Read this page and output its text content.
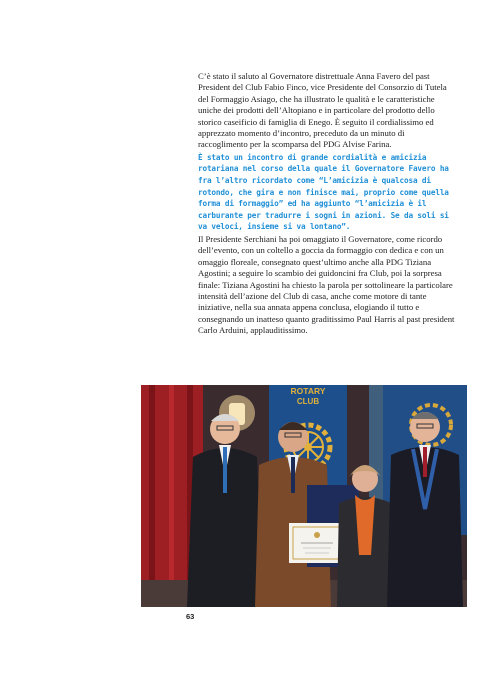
C’è stato il saluto al Governatore distrettuale Anna Favero del past President del Club Fabio Finco, vice Presidente del Consorzio di Tutela del Formaggio Asiago, che ha illustrato le qualità e le caratteristiche uniche dei prodotti dell’Altopiano e in particolare del prodotto dello storico caseificio di famiglia di Enego. È seguito il cordialissimo ed apprezzato momento d’incontro, preceduto da un minuto di raccoglimento per la scomparsa del PDG Alvise Farina.

È stato un incontro di grande cordialità e amicizia rotariana nel corso della quale il Governatore Favero ha fra l’altro ricordato come “L’amicizia è qualcosa di rotondo, che gira e non finisce mai, proprio come quella forma di formaggio” ed ha aggiunto “l’amicizia è il carburante per tradurre i sogni in azioni. Se da soli si va veloci, insieme si va lontano”.

Il Presidente Serchiani ha poi omaggiato il Governatore, come ricordo dell’evento, con un coltello a goccia da formaggio con dedica e con un omaggio floreale, consegnato quest’ultimo anche alla PDG Tiziana Agostini; a seguire lo scambio dei guidoncini fra Club, poi la sorpresa finale: Tiziana Agostini ha chiesto la parola per sottolineare la particolare intensità dell’azione del Club di casa, anche come motore di tante iniziative, nella sua annata appena conclusa, elogiando il tutto e consegnando un inatteso quanto graditissimo Paul Harris al past president Carlo Arduini, applauditissimo.

ROTARY
CLUB
63
